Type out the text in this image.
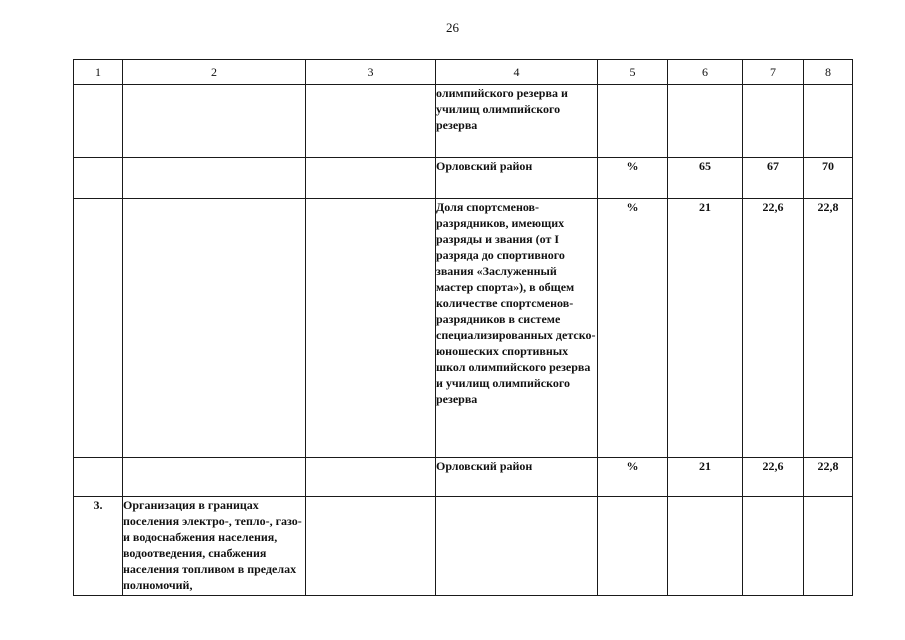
26
1	2	3	4	5	6	7	8
			олимпийского резерва и училищ олимпийского резерва				
			Орловский район	%	65	67	70
			Доля спортсменов-разрядников, имеющих разряды и звания (от I разряда до спортивного звания «Заслуженный мастер спорта»), в общем количестве спортсменов-разрядников в системе специализированных детско-юношеских спортивных школ олимпийского резерва и училищ олимпийского резерва	%	21	22,6	22,8
			Орловский район	%	21	22,6	22,8
3.	Организация в границах поселения электро-, тепло-, газо- и водоснабжения населения, водоотведения, снабжения населения топливом в пределах полномочий,						
